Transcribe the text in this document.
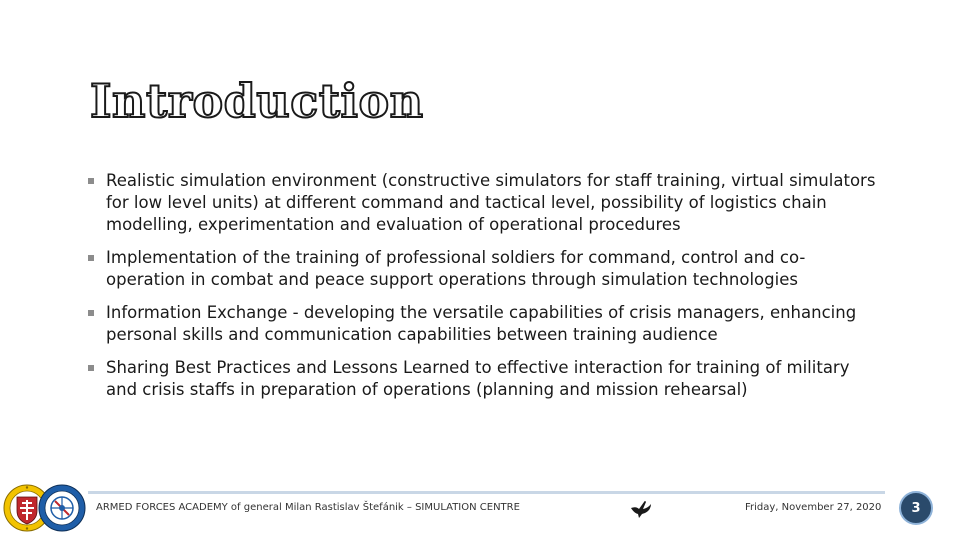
Introduction
Realistic simulation environment (constructive simulators for staff training, virtual simulators for low level units) at different command and tactical level, possibility of logistics chain modelling, experimentation and evaluation of operational procedures
Implementation of the training of professional soldiers for command, control and co-operation in combat and peace support operations through simulation technologies
Information Exchange - developing the versatile capabilities of crisis managers, enhancing personal skills and communication capabilities between training audience
Sharing Best Practices and Lessons Learned to effective interaction for training of military and crisis staffs in preparation of operations (planning and mission rehearsal)
ARMED FORCES ACADEMY of general Milan Rastislav Štefánik – SIMULATION CENTRE	Friday, November 27, 2020 3
